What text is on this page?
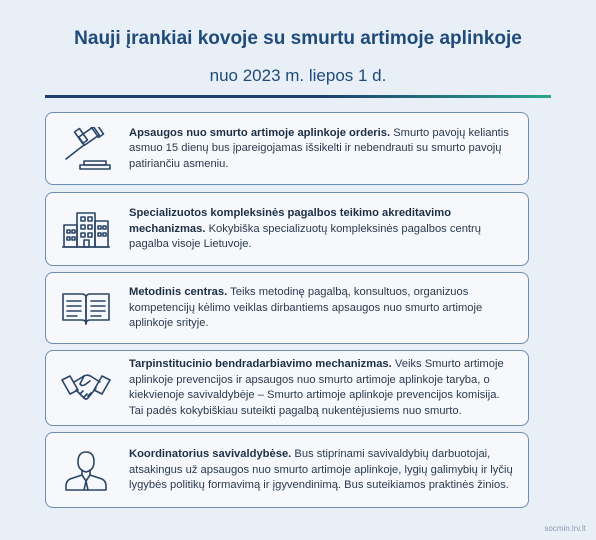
Nauji įrankiai kovoje su smurtu artimoje aplinkoje
nuo 2023 m. liepos 1 d.
Apsaugos nuo smurto artimoje aplinkoje orderis. Smurto pavojų keliantis asmuo 15 dienų bus įpareigojamas išsikelti ir nebendrauti su smurto pavojų patiriančiu asmeniu.
Specializuotos kompleksinės pagalbos teikimo akreditavimo mechanizmas. Kokybiška specializuotų kompleksinės pagalbos centrų pagalba visoje Lietuvoje.
Metodinis centras. Teiks metodinę pagalbą, konsultuos, organizuos kompetencijų kėlimo veiklas dirbantiems apsaugos nuo smurto artimoje aplinkoje srityje.
Tarpinstitucinio bendradarbiavimo mechanizmas. Veiks Smurto artimoje aplinkoje prevencijos ir apsaugos nuo smurto artimoje aplinkoje taryba, o kiekvienoje savivaldybėje – Smurto artimoje aplinkoje prevencijos komisija. Tai padės kokybiškiau suteikti pagalbą nukentėjusiems nuo smurto.
Koordinatorius savivaldybėse. Bus stiprinami savivaldybių darbuotojai, atsakingus už apsaugos nuo smurto artimoje aplinkoje, lygių galimybių ir lyčių lygybės politikų formavimą ir įgyvendinimą. Bus suteikiamos praktinės žinios.
socmin.lrv.lt
